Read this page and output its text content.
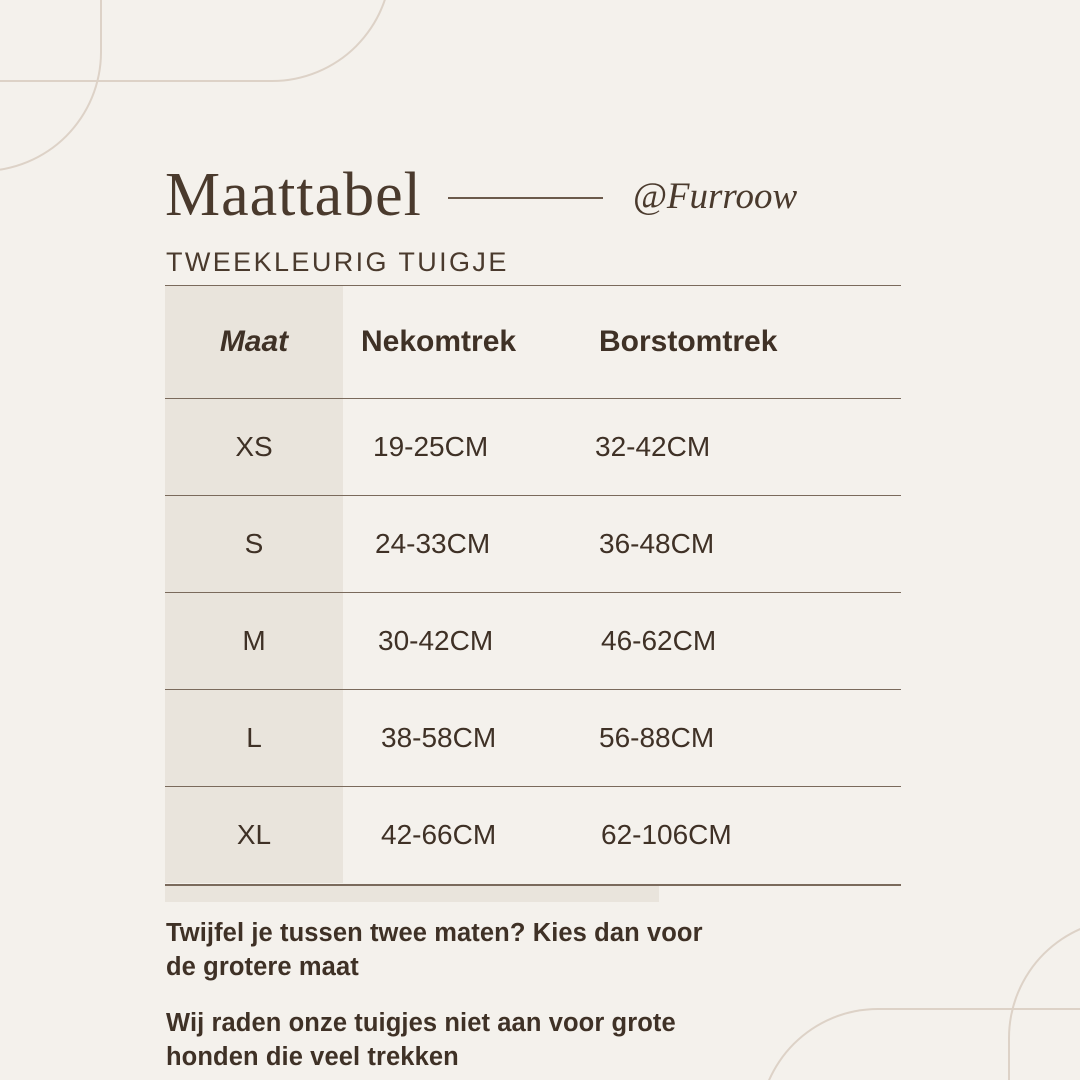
Maattabel	@Furroow
TWEEKLEURIG TUIGJE
Maat	Nekomtrek	Borstomtrek
XS	19-25CM	32-42CM
S	24-33CM	36-48CM
M	30-42CM	46-62CM
L	38-58CM	56-88CM
XL	42-66CM	62-106CM
Twijfel je tussen twee maten? Kies dan voor de grotere maat
Wij raden onze tuigjes niet aan voor grote honden die veel trekken
